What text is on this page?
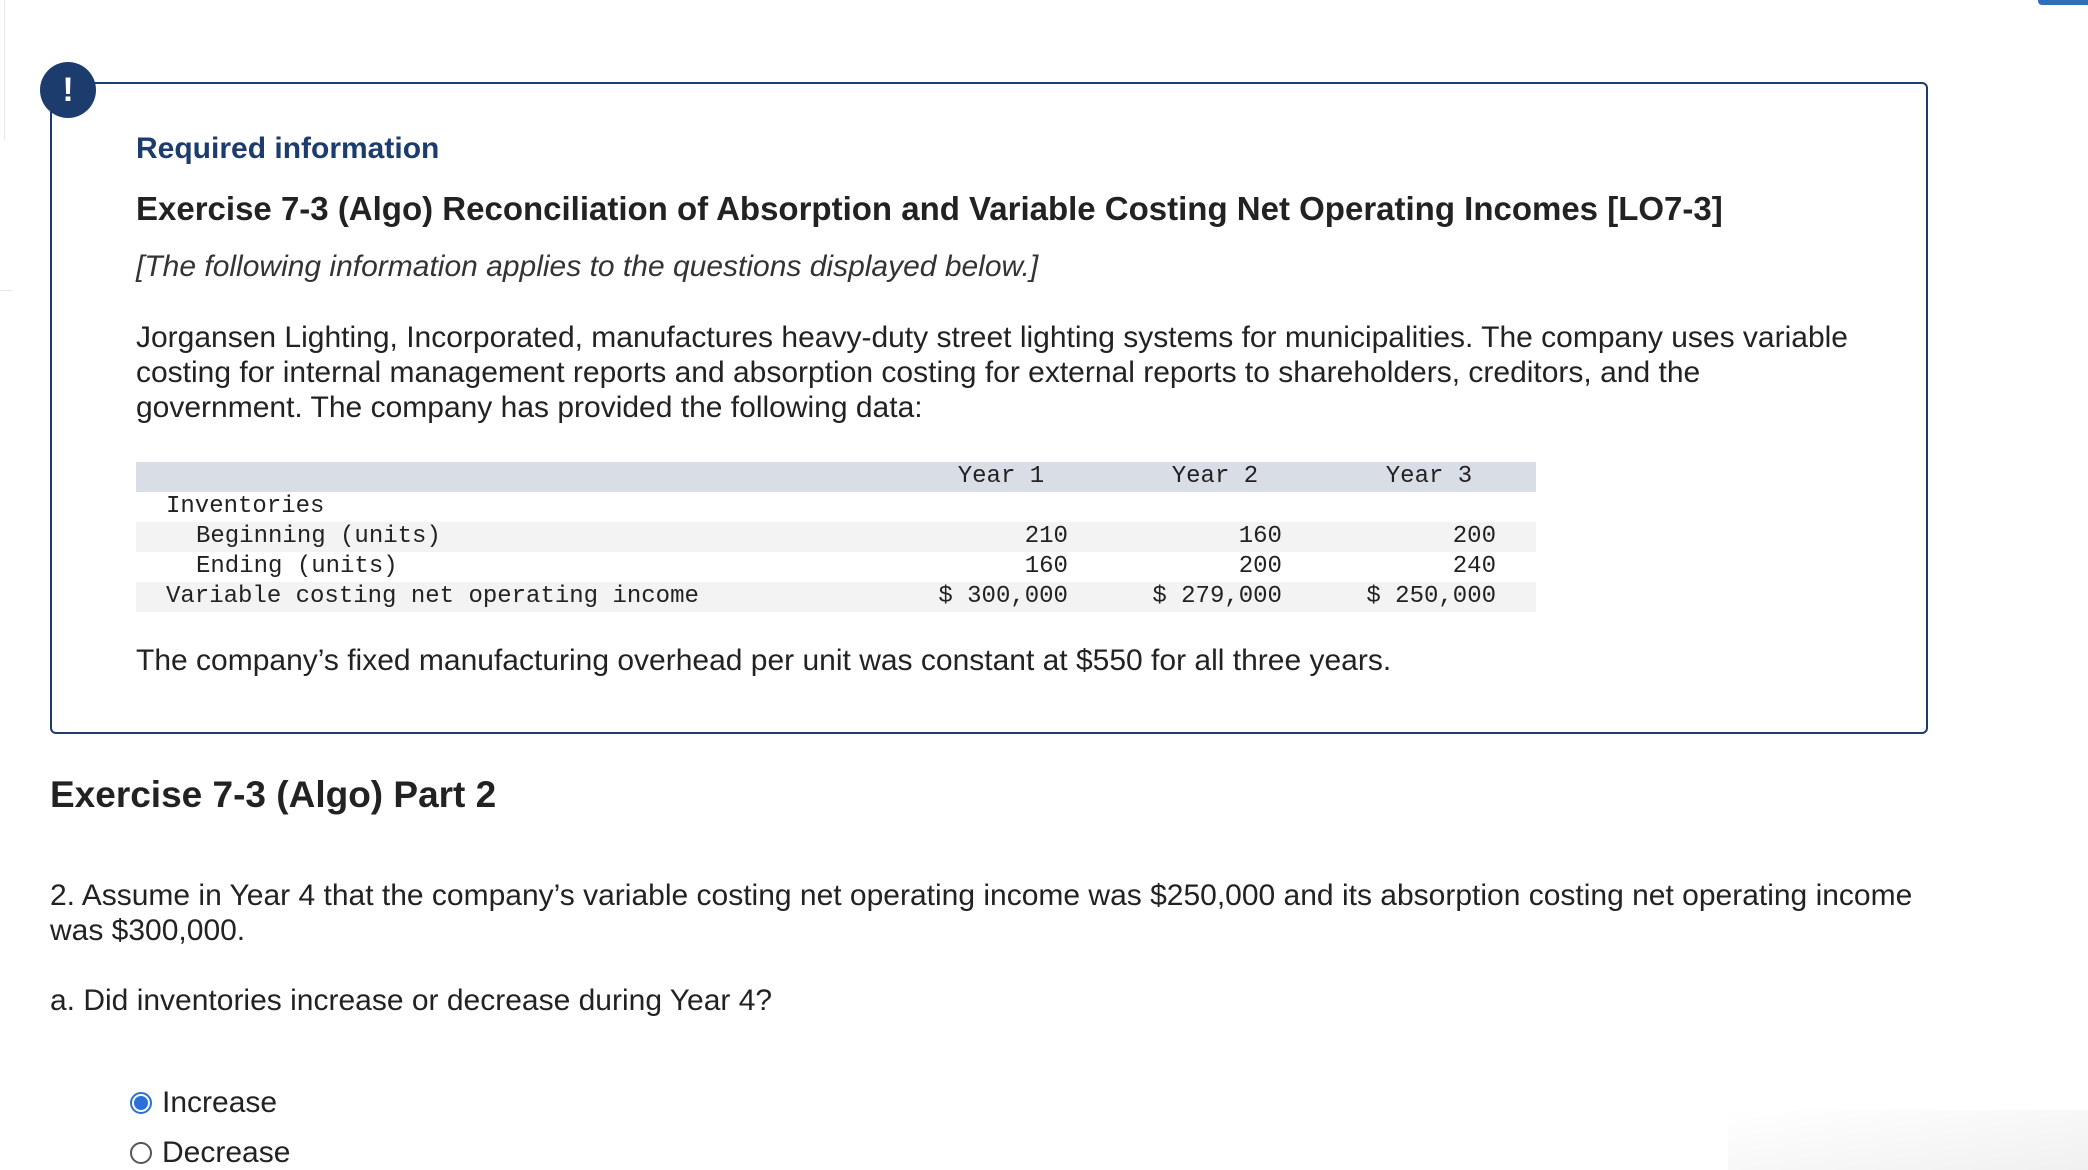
!
Required information
Exercise 7-3 (Algo) Reconciliation of Absorption and Variable Costing Net Operating Incomes [LO7-3]
[The following information applies to the questions displayed below.]
Jorgansen Lighting, Incorporated, manufactures heavy-duty street lighting systems for municipalities. The company uses variable costing for internal management reports and absorption costing for external reports to shareholders, creditors, and the government. The company has provided the following data:
	Year 1	Year 2	Year 3
Inventories			
Beginning (units)	210	160	200
Ending (units)	160	200	240
Variable costing net operating income	$ 300,000	$ 279,000	$ 250,000
The company’s fixed manufacturing overhead per unit was constant at $550 for all three years.
Exercise 7-3 (Algo) Part 2
2. Assume in Year 4 that the company’s variable costing net operating income was $250,000 and its absorption costing net operating income was $300,000.
a. Did inventories increase or decrease during Year 4?
Increase
Decrease
